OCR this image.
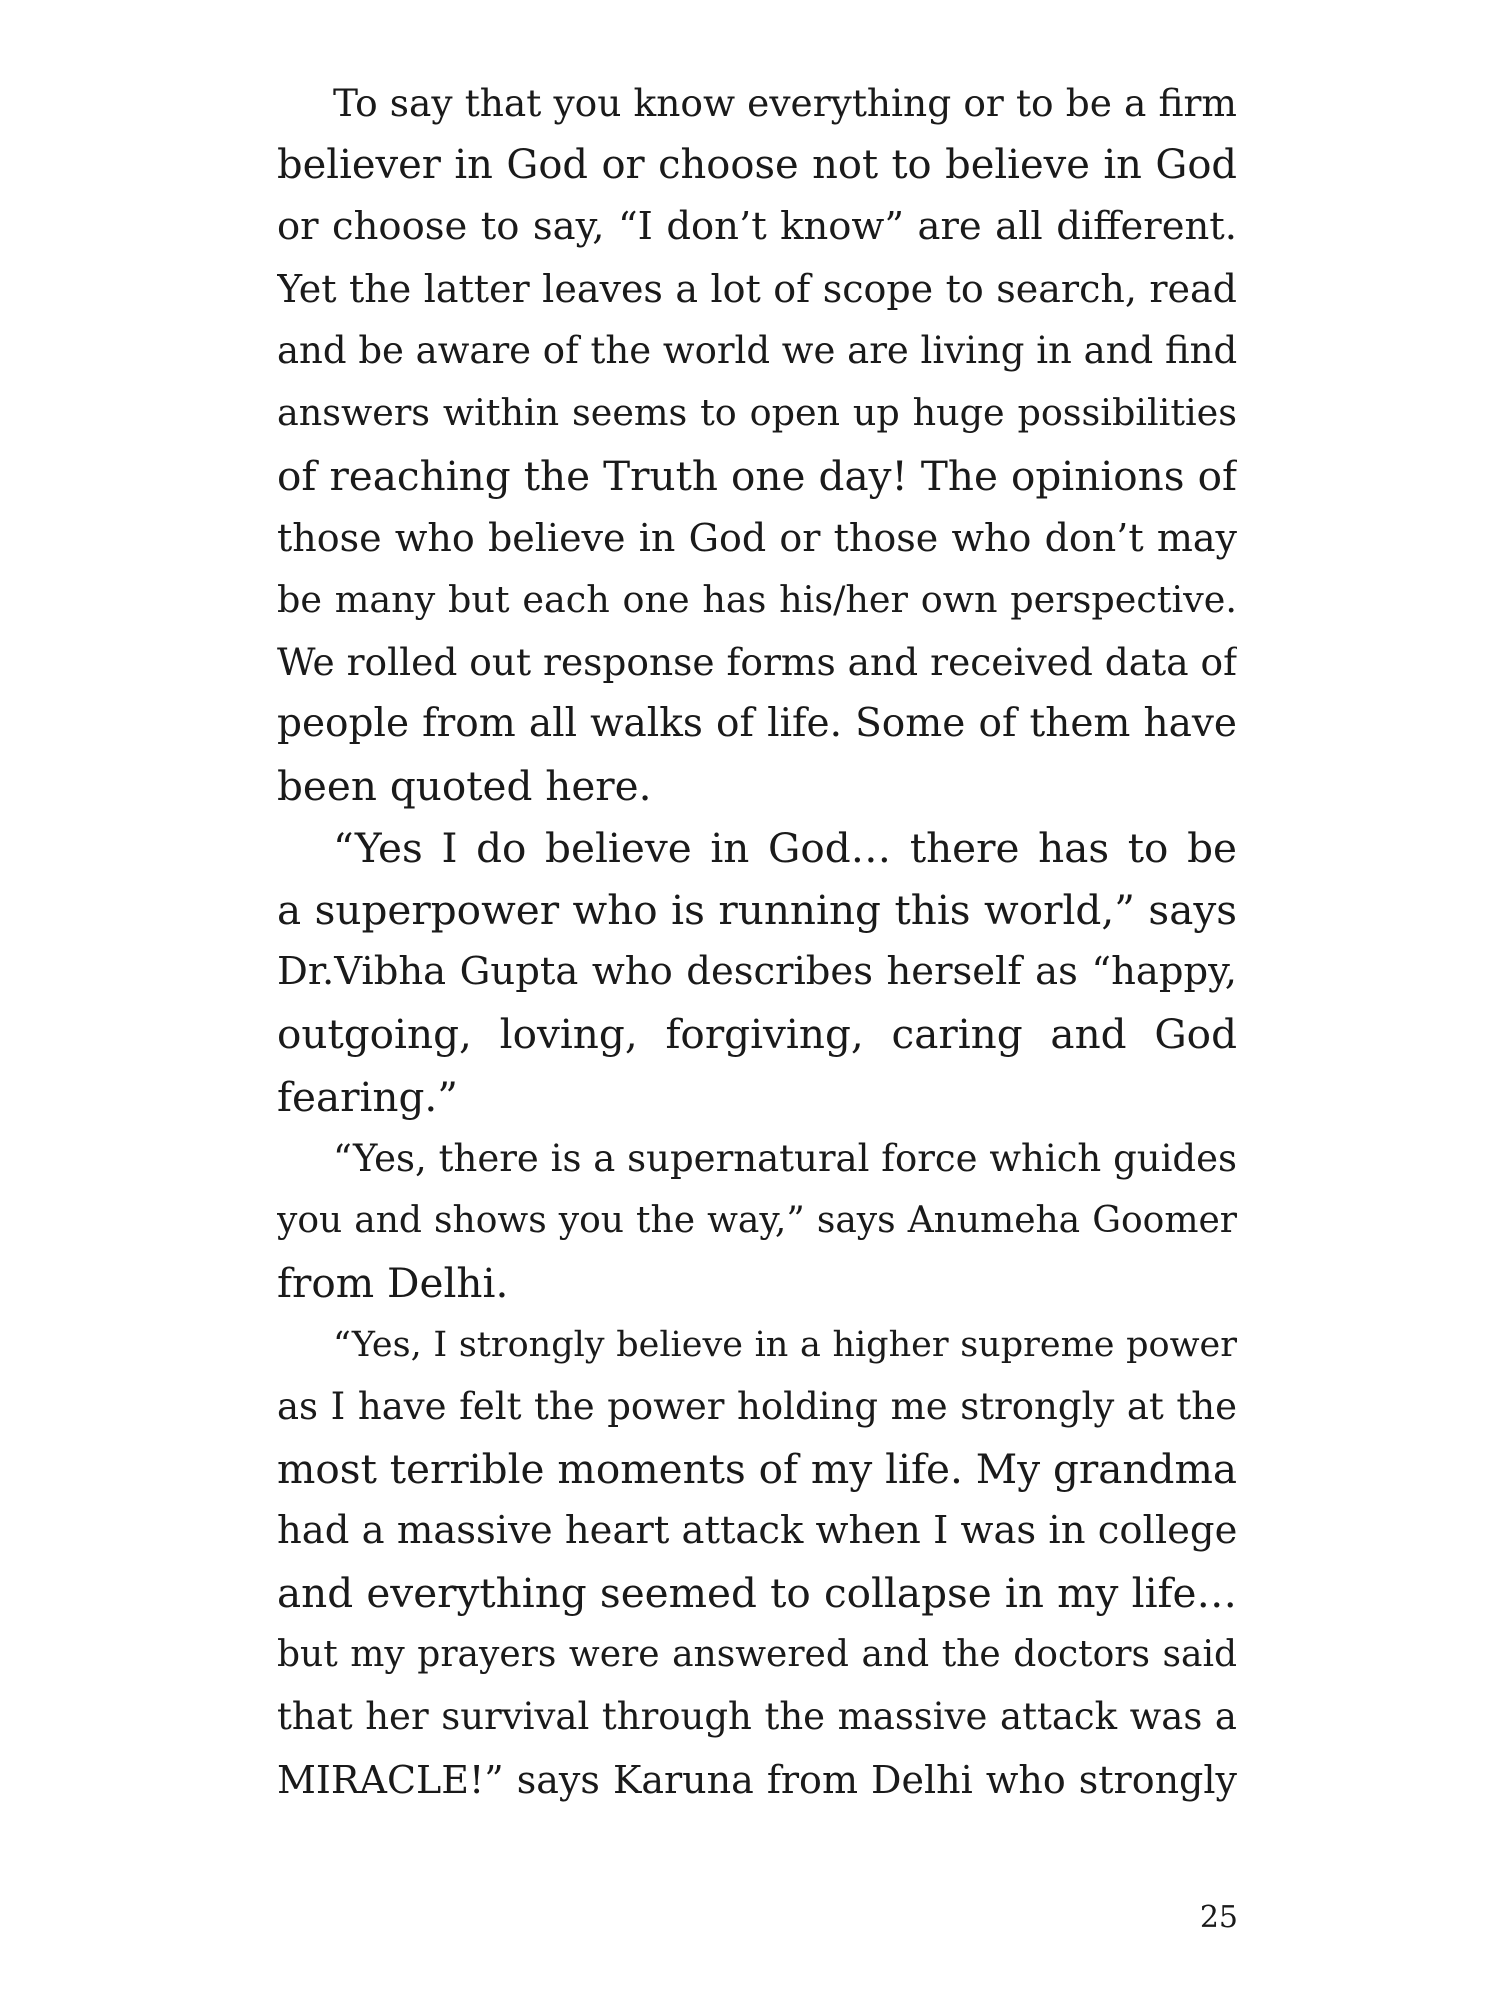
To say that you know everything or to be a firm
believer in God or choose not to believe in God
or choose to say, “I don’t know” are all different.
Yet the latter leaves a lot of scope to search, read
and be aware of the world we are living in and find
answers within seems to open up huge possibilities
of reaching the Truth one day! The opinions of
those who believe in God or those who don’t may
be many but each one has his/her own perspective.
We rolled out response forms and received data of
people from all walks of life. Some of them have
been quoted here.
“Yes I do believe in God… there has to be
a superpower who is running this world,” says
Dr.Vibha Gupta who describes herself as “happy,
outgoing, loving, forgiving, caring and God
fearing.”
“Yes, there is a supernatural force which guides
you and shows you the way,” says Anumeha Goomer
from Delhi.
“Yes, I strongly believe in a higher supreme power
as I have felt the power holding me strongly at the
most terrible moments of my life. My grandma
had a massive heart attack when I was in college
and everything seemed to collapse in my life…
but my prayers were answered and the doctors said
that her survival through the massive attack was a
MIRACLE!” says Karuna from Delhi who strongly
25
